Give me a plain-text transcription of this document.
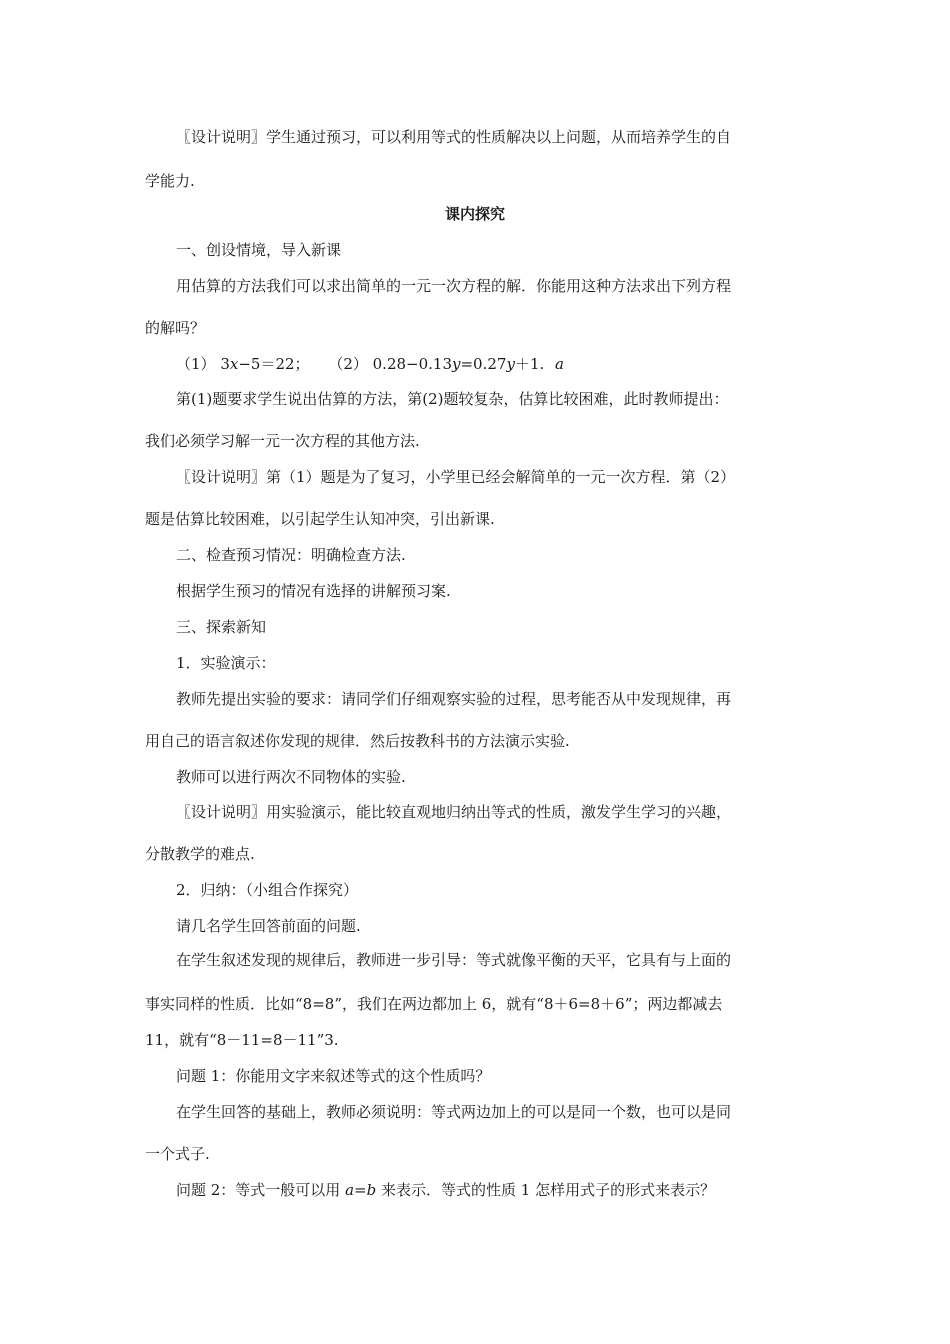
〖设计说明〗学生通过预习，可以利用等式的性质解决以上问题，从而培养学生的自
学能力.
课内探究
一、创设情境，导入新课
用估算的方法我们可以求出简单的一元一次方程的解．你能用这种方法求出下列方程
的解吗？
（1） 3x−5＝22； （2） 0.28−0.13y=0.27y＋1. a
第(1)题要求学生说出估算的方法，第(2)题较复杂，估算比较困难，此时教师提出：
我们必须学习解一元一次方程的其他方法.
〖设计说明〗第（1）题是为了复习，小学里已经会解简单的一元一次方程．第（2）
题是估算比较困难，以引起学生认知冲突，引出新课.
二、检查预习情况：明确检查方法.
根据学生预习的情况有选择的讲解预习案.
三、探索新知
1．实验演示：
教师先提出实验的要求：请同学们仔细观察实验的过程，思考能否从中发现规律，再
用自己的语言叙述你发现的规律．然后按教科书的方法演示实验.
教师可以进行两次不同物体的实验.
〖设计说明〗用实验演示，能比较直观地归纳出等式的性质，激发学生学习的兴趣，
分散教学的难点.
2．归纳：（小组合作探究）
请几名学生回答前面的问题.
在学生叙述发现的规律后，教师进一步引导：等式就像平衡的天平，它具有与上面的
事实同样的性质．比如“8=8”，我们在两边都加上 6，就有“8＋6=8＋6”；两边都减去
11，就有“8－11=8－11”3.
问题 1：你能用文字来叙述等式的这个性质吗？
在学生回答的基础上，教师必须说明：等式两边加上的可以是同一个数，也可以是同
一个式子.
问题 2：等式一般可以用 a=b 来表示．等式的性质 1 怎样用式子的形式来表示？
